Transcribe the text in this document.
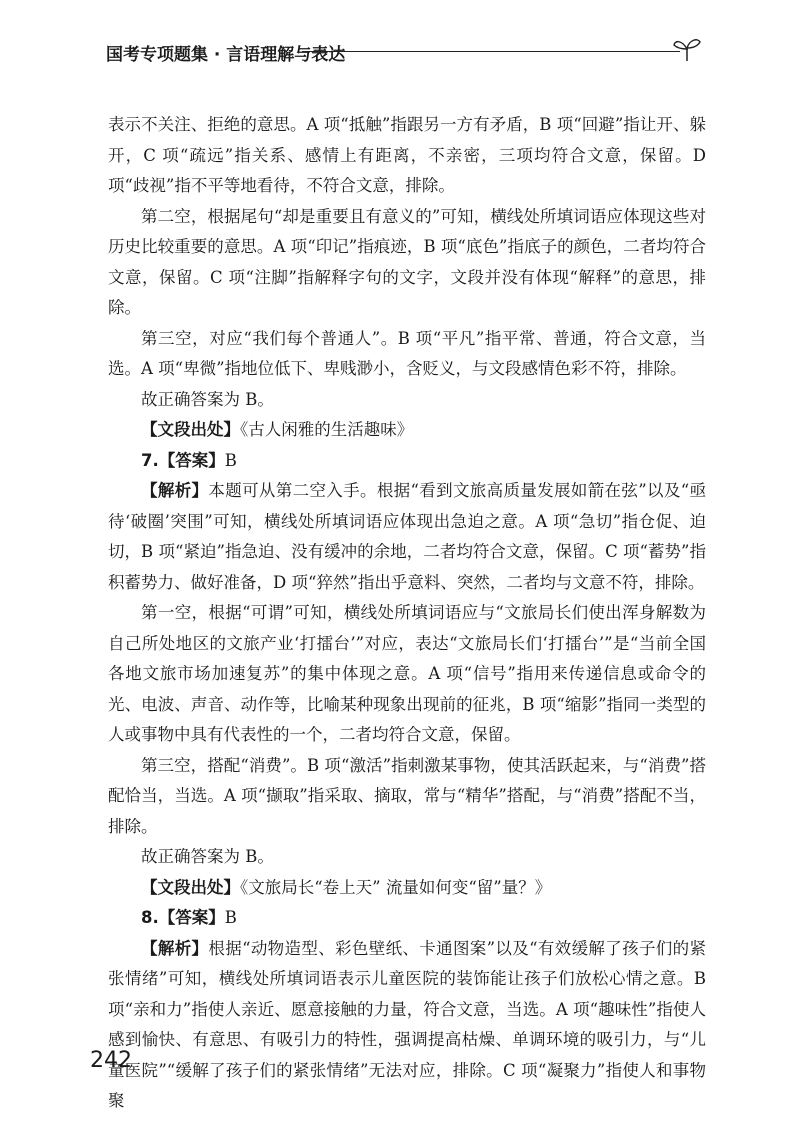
国考专项题集 · 言语理解与表达

表示不关注、拒绝的意思。A 项“抵触”指跟另一方有矛盾，B 项“回避”指让开、躲开，C 项“疏远”指关系、感情上有距离，不亲密，三项均符合文意，保留。D 项“歧视”指不平等地看待，不符合文意，排除。

第二空，根据尾句“却是重要且有意义的”可知，横线处所填词语应体现这些对历史比较重要的意思。A 项“印记”指痕迹，B 项“底色”指底子的颜色，二者均符合文意，保留。C 项“注脚”指解释字句的文字，文段并没有体现“解释”的意思，排除。

第三空，对应“我们每个普通人”。B 项“平凡”指平常、普通，符合文意，当选。A 项“卑微”指地位低下、卑贱渺小，含贬义，与文段感情色彩不符，排除。

故正确答案为 B。

【文段出处】《古人闲雅的生活趣味》

7.【答案】B

【解析】本题可从第二空入手。根据“看到文旅高质量发展如箭在弦”以及“亟待‘破圈’突围”可知，横线处所填词语应体现出急迫之意。A 项“急切”指仓促、迫切，B 项“紧迫”指急迫、没有缓冲的余地，二者均符合文意，保留。C 项“蓄势”指积蓄势力、做好准备，D 项“猝然”指出乎意料、突然，二者均与文意不符，排除。

第一空，根据“可谓”可知，横线处所填词语应与“文旅局长们使出浑身解数为自己所处地区的文旅产业‘打擂台’”对应，表达“文旅局长们‘打擂台’”是“当前全国各地文旅市场加速复苏”的集中体现之意。A 项“信号”指用来传递信息或命令的光、电波、声音、动作等，比喻某种现象出现前的征兆，B 项“缩影”指同一类型的人或事物中具有代表性的一个，二者均符合文意，保留。

第三空，搭配“消费”。B 项“激活”指刺激某事物，使其活跃起来，与“消费”搭配恰当，当选。A 项“撷取”指采取、摘取，常与“精华”搭配，与“消费”搭配不当，排除。

故正确答案为 B。

【文段出处】《文旅局长“卷上天” 流量如何变“留”量？》

8.【答案】B

【解析】根据“动物造型、彩色壁纸、卡通图案”以及“有效缓解了孩子们的紧张情绪”可知，横线处所填词语表示儿童医院的装饰能让孩子们放松心情之意。B 项“亲和力”指使人亲近、愿意接触的力量，符合文意，当选。A 项“趣味性”指使人感到愉快、有意思、有吸引力的特性，强调提高枯燥、单调环境的吸引力，与“儿童医院”“缓解了孩子们的紧张情绪”无法对应，排除。C 项“凝聚力”指使人和事物聚

242
